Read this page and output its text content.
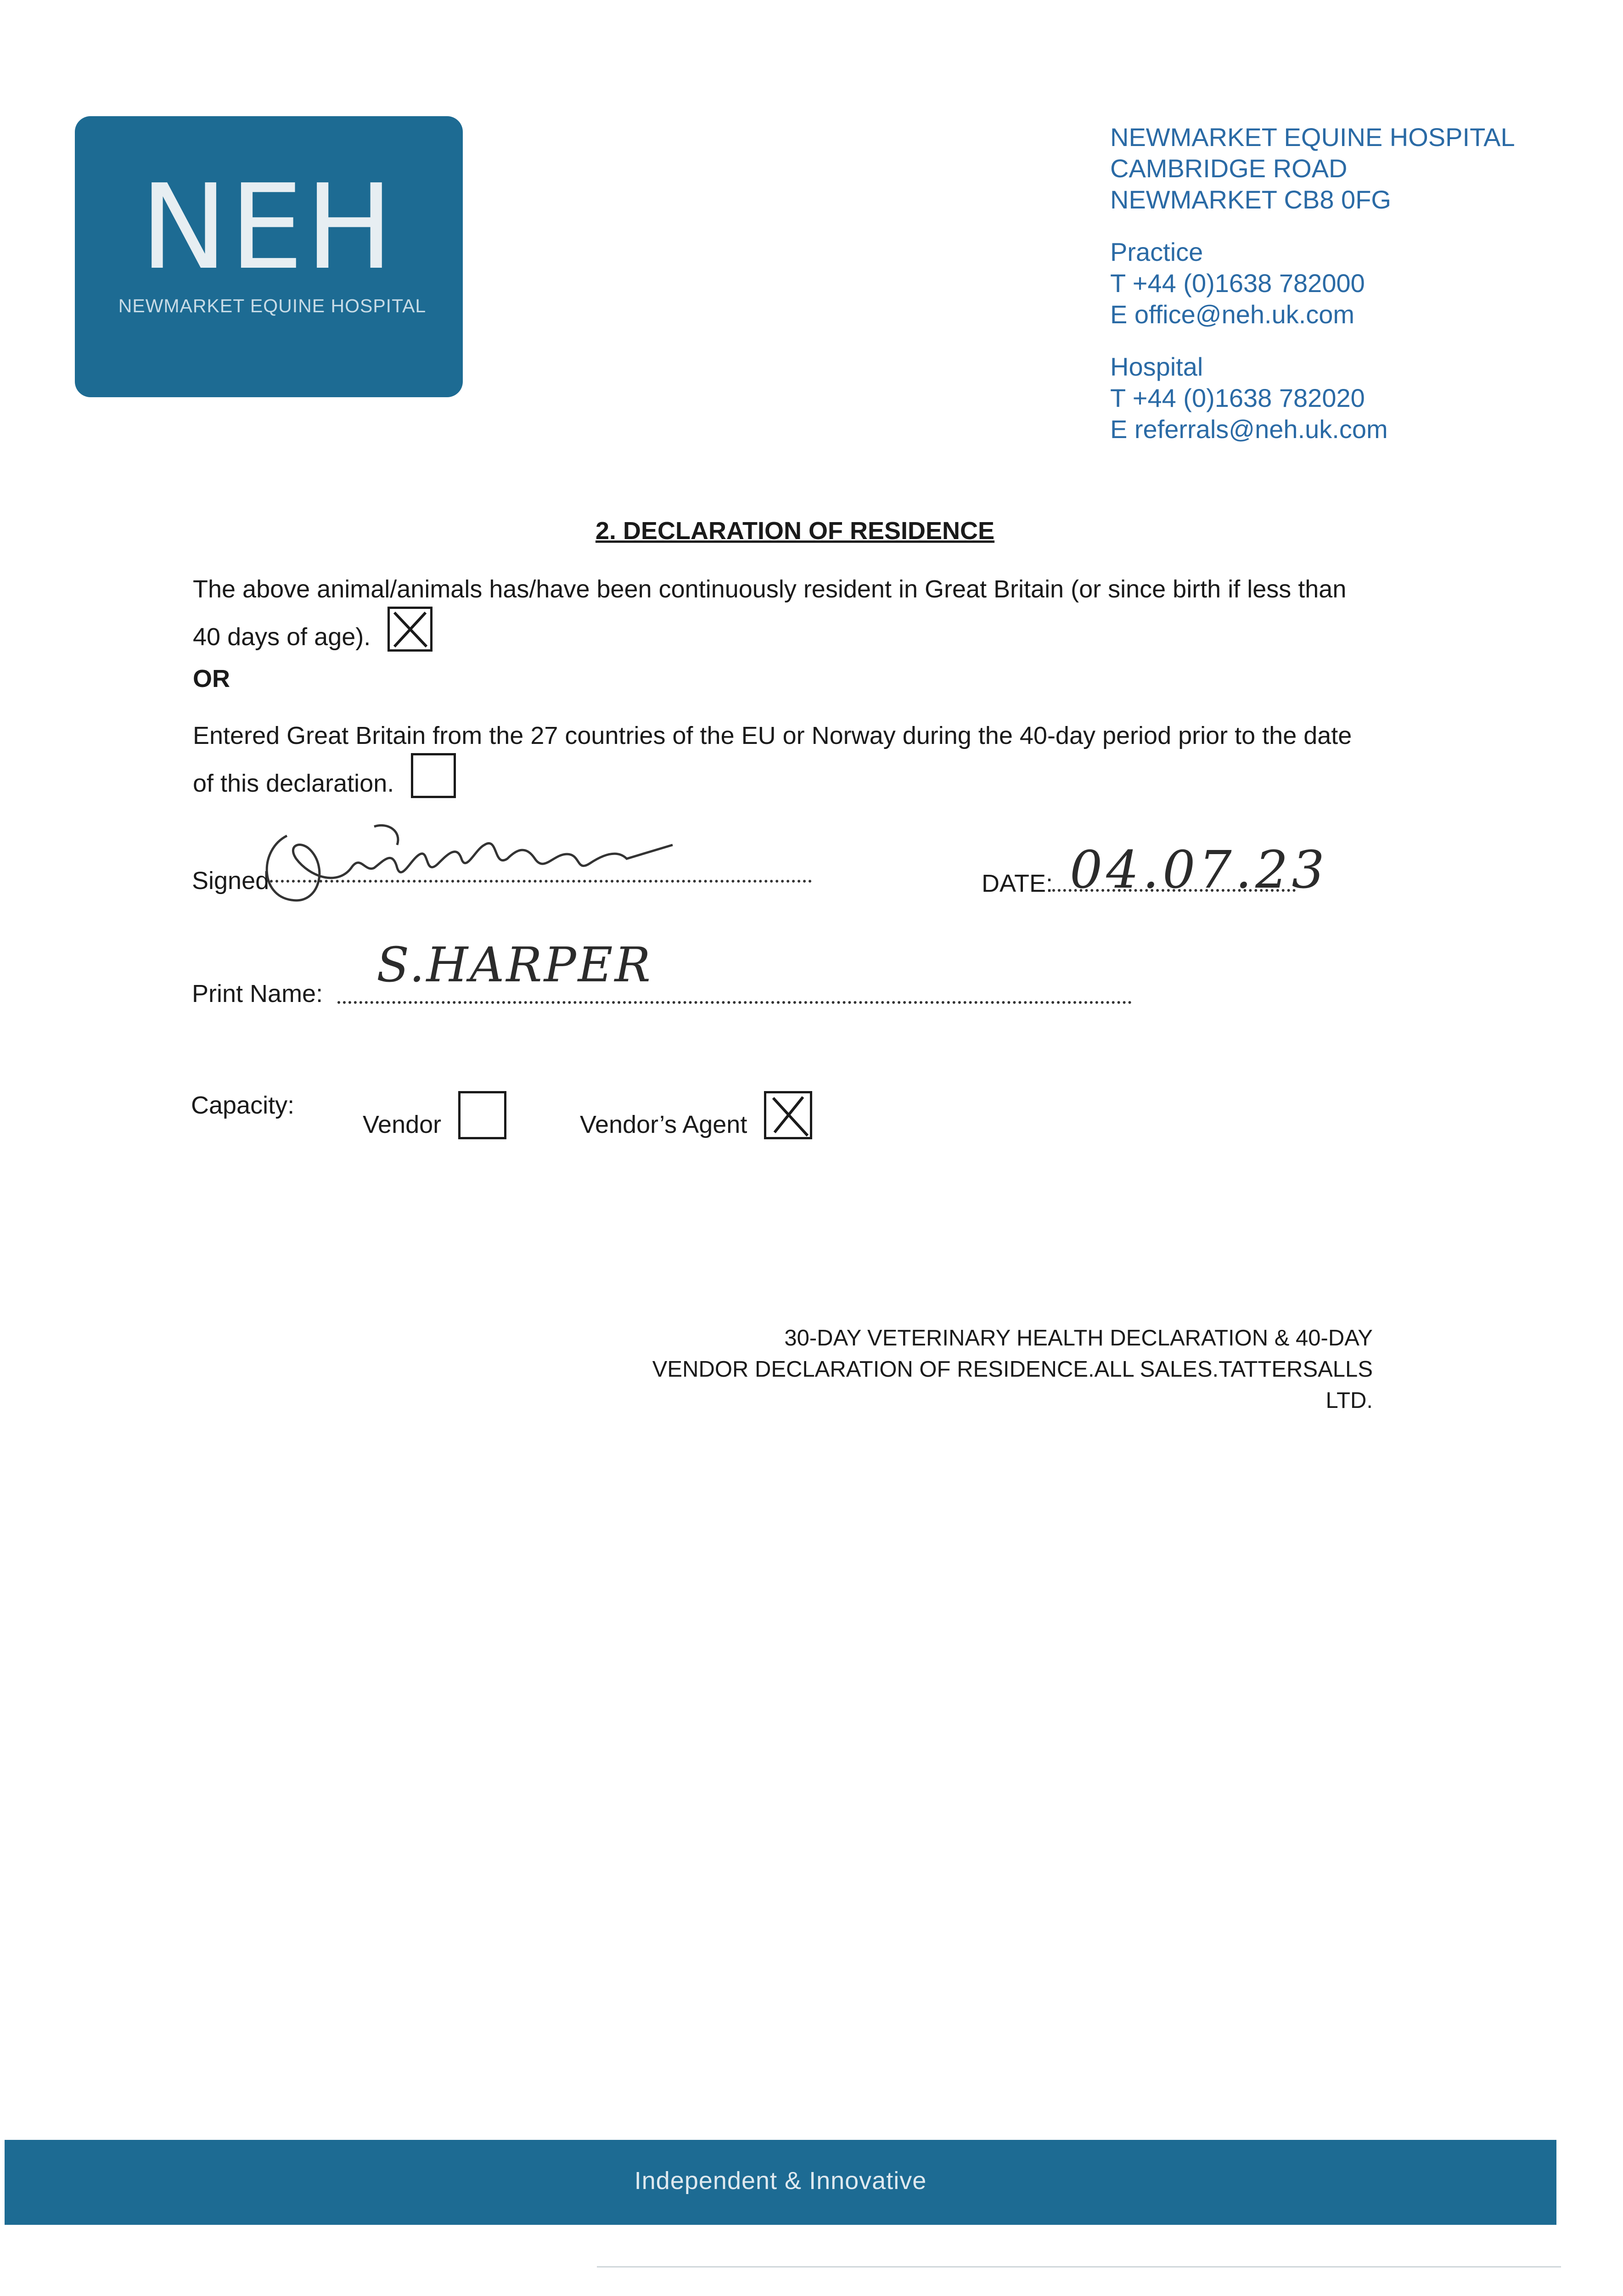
NEH
NEWMARKET EQUINE HOSPITAL
NEWMARKET EQUINE HOSPITAL
CAMBRIDGE ROAD
NEWMARKET CB8 0FG
Practice
T +44 (0)1638 782000
E office@neh.uk.com
Hospital
T +44 (0)1638 782020
E referrals@neh.uk.com
2. DECLARATION OF RESIDENCE
The above animal/animals has/have been continuously resident in Great Britain (or since birth if less than 40 days of age).
OR
Entered Great Britain from the 27 countries of the EU or Norway during the 40-day period prior to the date of this declaration.
Signed	DATE: 04.07.23
Print Name:
S.HARPER
Capacity:
Vendor	Vendor’s Agent
30-DAY VETERINARY HEALTH DECLARATION & 40-DAY
VENDOR DECLARATION OF RESIDENCE.ALL SALES.TATTERSALLS LTD.
Independent & Innovative
